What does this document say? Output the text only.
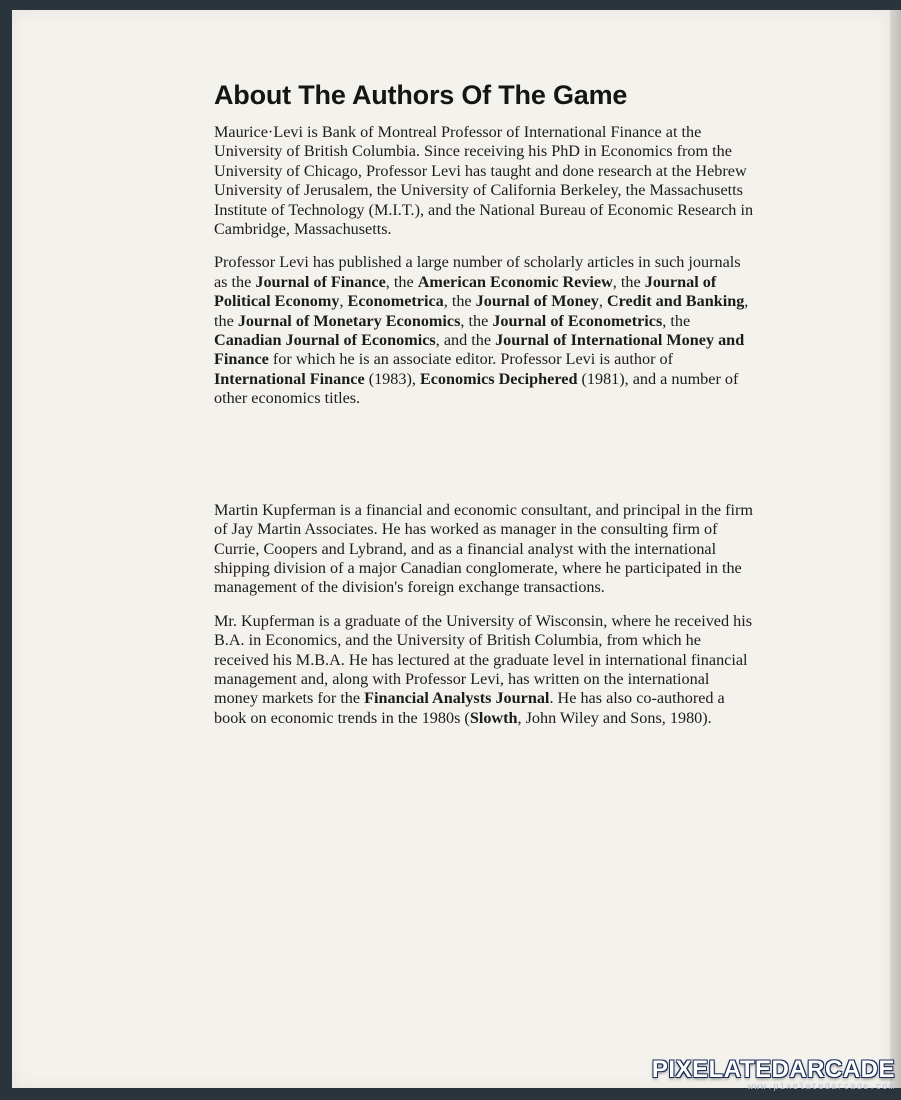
About The Authors Of The Game

Maurice·Levi is Bank of Montreal Professor of International Finance at the University of British Columbia. Since receiving his PhD in Economics from the University of Chicago, Professor Levi has taught and done research at the Hebrew University of Jerusalem, the University of California Berkeley, the Massachusetts Institute of Technology (M.I.T.), and the National Bureau of Economic Research in Cambridge, Massachusetts.

Professor Levi has published a large number of scholarly articles in such journals as the Journal of Finance, the American Economic Review, the Journal of Political Economy, Econometrica, the Journal of Money, Credit and Banking, the Journal of Monetary Economics, the Journal of Econometrics, the Canadian Journal of Economics, and the Journal of International Money and Finance for which he is an associate editor. Professor Levi is author of International Finance (1983), Economics Deciphered (1981), and a number of other economics titles.

Martin Kupferman is a financial and economic consultant, and principal in the firm of Jay Martin Associates. He has worked as manager in the consulting firm of Currie, Coopers and Lybrand, and as a financial analyst with the international shipping division of a major Canadian conglomerate, where he participated in the management of the division's foreign exchange transactions.

Mr. Kupferman is a graduate of the University of Wisconsin, where he received his B.A. in Economics, and the University of British Columbia, from which he received his M.B.A. He has lectured at the graduate level in international financial management and, along with Professor Levi, has written on the international money markets for the Financial Analysts Journal. He has also co-authored a book on economic trends in the 1980s (Slowth, John Wiley and Sons, 1980).

PIXELATEDARCADE
www.pixelatedarcade.com
